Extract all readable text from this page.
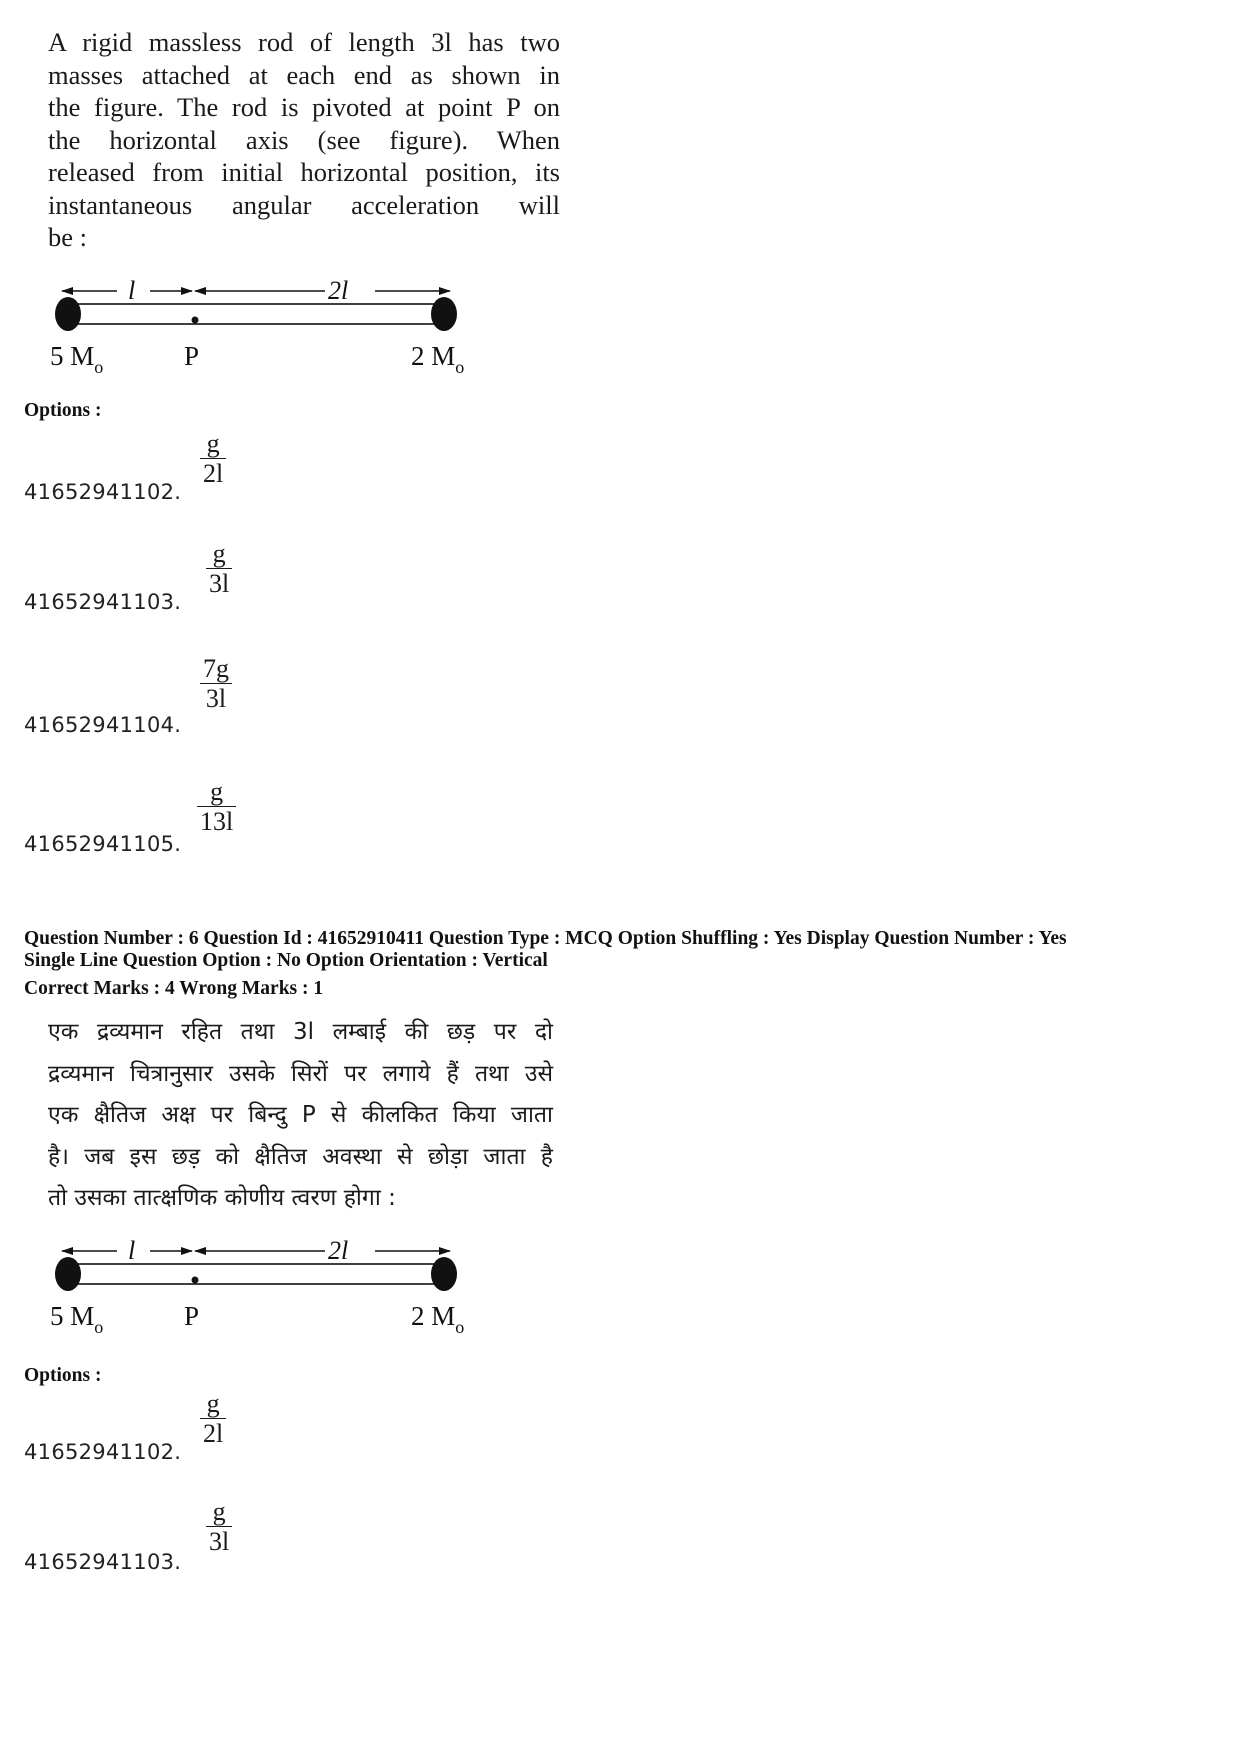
A rigid massless rod of length 3l has two
masses attached at each end as shown in
the figure. The rod is pivoted at point P on
the horizontal axis (see figure). When
released from initial horizontal position, its
instantaneous angular acceleration will
be :
l	2l
5 $M_o$	P	2 $M_o$
Options :
41652941102.
g
2l
41652941103.
g
3l
41652941104.
7g
3l
41652941105.
g
13l
Question Number : 6 Question Id : 41652910411 Question Type : MCQ Option Shuffling : Yes Display Question Number : Yes
Single Line Question Option : No Option Orientation : Vertical
Correct Marks : 4 Wrong Marks : 1
एक द्रव्यमान रहित तथा 3l लम्बाई की छड़ पर दो
द्रव्यमान चित्रानुसार उसके सिरों पर लगाये हैं तथा उसे
एक क्षैतिज अक्ष पर बिन्दु P से कीलकित किया जाता
है। जब इस छड़ को क्षैतिज अवस्था से छोड़ा जाता है
तो उसका तात्क्षणिक कोणीय त्वरण होगा :
l	2l
5 $M_o$	P	2 $M_o$
Options :
41652941102.
g
2l
41652941103.
g
3l
